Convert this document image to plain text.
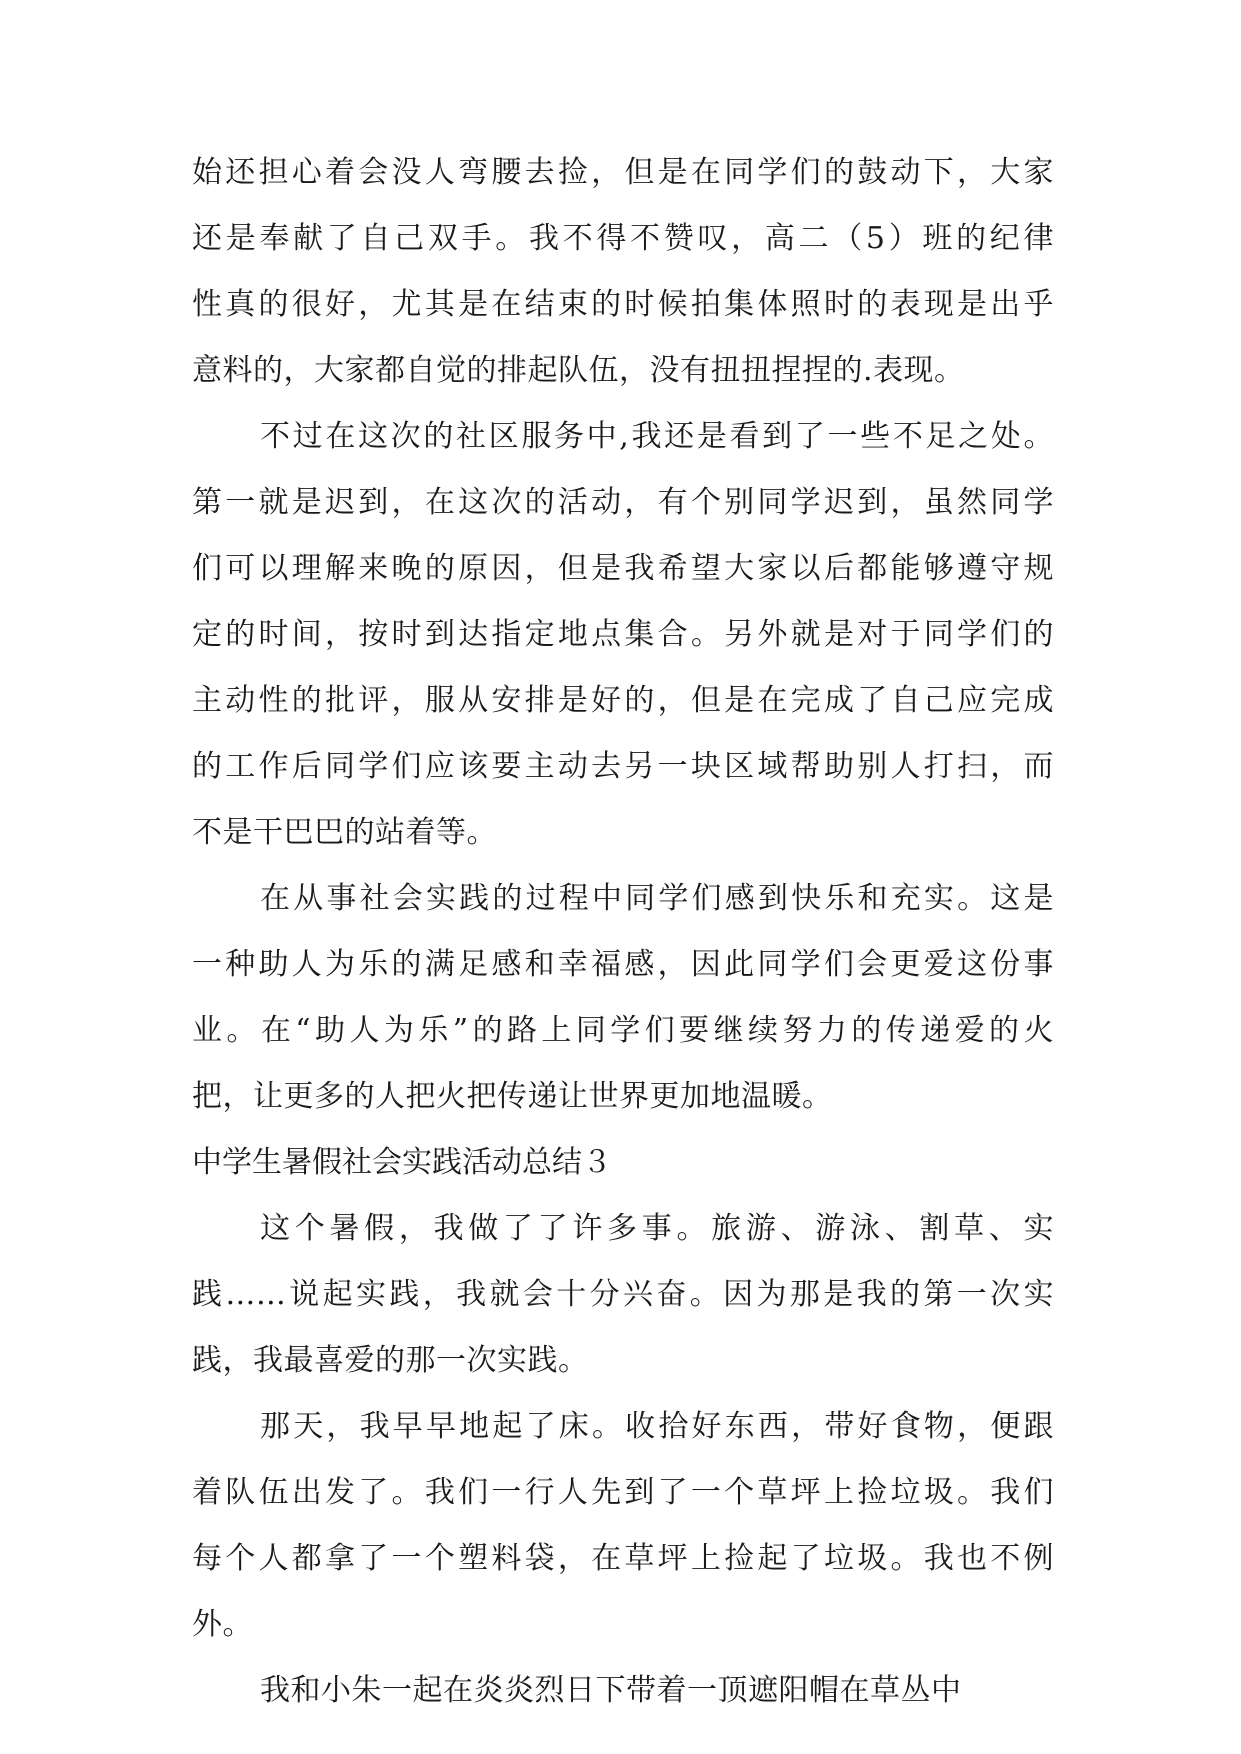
始还担心着会没人弯腰去捡，但是在同学们的鼓动下，大家
还是奉献了自己双手。我不得不赞叹，高二（5）班的纪律
性真的很好，尤其是在结束的时候拍集体照时的表现是出乎
意料的，大家都自觉的排起队伍，没有扭扭捏捏的.表现。
不过在这次的社区服务中,我还是看到了一些不足之处。
第一就是迟到，在这次的活动，有个别同学迟到，虽然同学
们可以理解来晚的原因，但是我希望大家以后都能够遵守规
定的时间，按时到达指定地点集合。另外就是对于同学们的
主动性的批评，服从安排是好的，但是在完成了自己应完成
的工作后同学们应该要主动去另一块区域帮助别人打扫，而
不是干巴巴的站着等。
在从事社会实践的过程中同学们感到快乐和充实。这是
一种助人为乐的满足感和幸福感，因此同学们会更爱这份事
业。在“助人为乐”的路上同学们要继续努力的传递爱的火
把，让更多的人把火把传递让世界更加地温暖。
中学生暑假社会实践活动总结３
这个暑假，我做了了许多事。旅游、游泳、割草、实
践……说起实践，我就会十分兴奋。因为那是我的第一次实
践，我最喜爱的那一次实践。
那天，我早早地起了床。收拾好东西，带好食物，便跟
着队伍出发了。我们一行人先到了一个草坪上捡垃圾。我们
每个人都拿了一个塑料袋，在草坪上捡起了垃圾。我也不例
外。
我和小朱一起在炎炎烈日下带着一顶遮阳帽在草丛中
